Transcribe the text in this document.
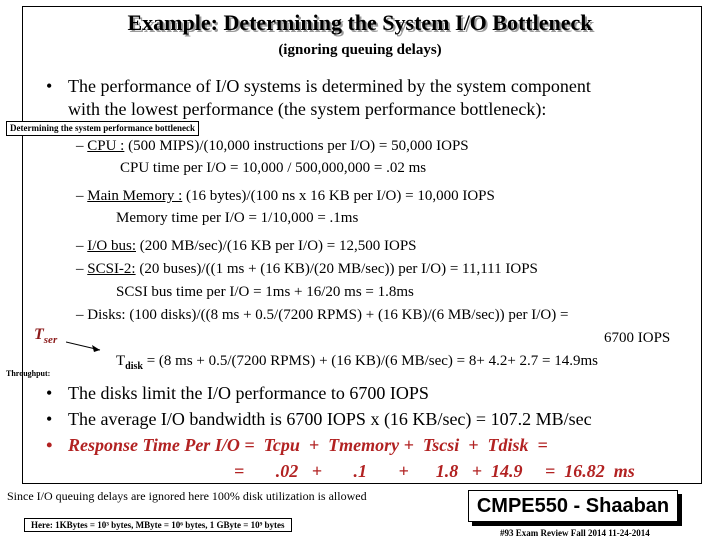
Example: Determining the System I/O Bottleneck
(ignoring queuing delays)
• The performance of I/O systems is determined by the system component
with the lowest performance (the system performance bottleneck):
Determining the system performance bottleneck
– CPU : (500 MIPS)/(10,000 instructions per I/O) = 50,000 IOPS
CPU time per I/O = 10,000 / 500,000,000 = .02 ms
– Main Memory : (16 bytes)/(100 ns x 16 KB per I/O) = 10,000 IOPS
Memory time per I/O = 1/10,000 = .1ms
– I/O bus: (200 MB/sec)/(16 KB per I/O) = 12,500 IOPS
– SCSI-2: (20 buses)/((1 ms + (16 KB)/(20 MB/sec)) per I/O) = 11,111 IOPS
SCSI bus time per I/O = 1ms + 16/20 ms = 1.8ms
– Disks: (100 disks)/((8 ms + 0.5/(7200 RPMS) + (16 KB)/(6 MB/sec)) per I/O) =
6700 IOPS
$T_{ser}$
$T_{disk} = (8$ ms + 0.5/(7200 RPMS) + (16 KB)/(6 MB/sec) = 8+ 4.2+ 2.7 = 14.9ms
Throughput:
• The disks limit the I/O performance to 6700 IOPS
• The average I/O bandwidth is 6700 IOPS x (16 KB/sec) = 107.2 MB/sec
• Response Time Per I/O =  Tcpu  +  Tmemory +  Tscsi  +  Tdisk  =
=       .02   +       .1       +      1.8   +  14.9     =  16.82  ms
Since I/O queuing delays are ignored here 100% disk utilization is allowed
Here: 1KBytes = 10³ bytes, MByte = 10⁶ bytes, 1 GByte = 10⁹ bytes
CMPE550 - Shaaban
#93 Exam Review Fall 2014 11-24-2014
